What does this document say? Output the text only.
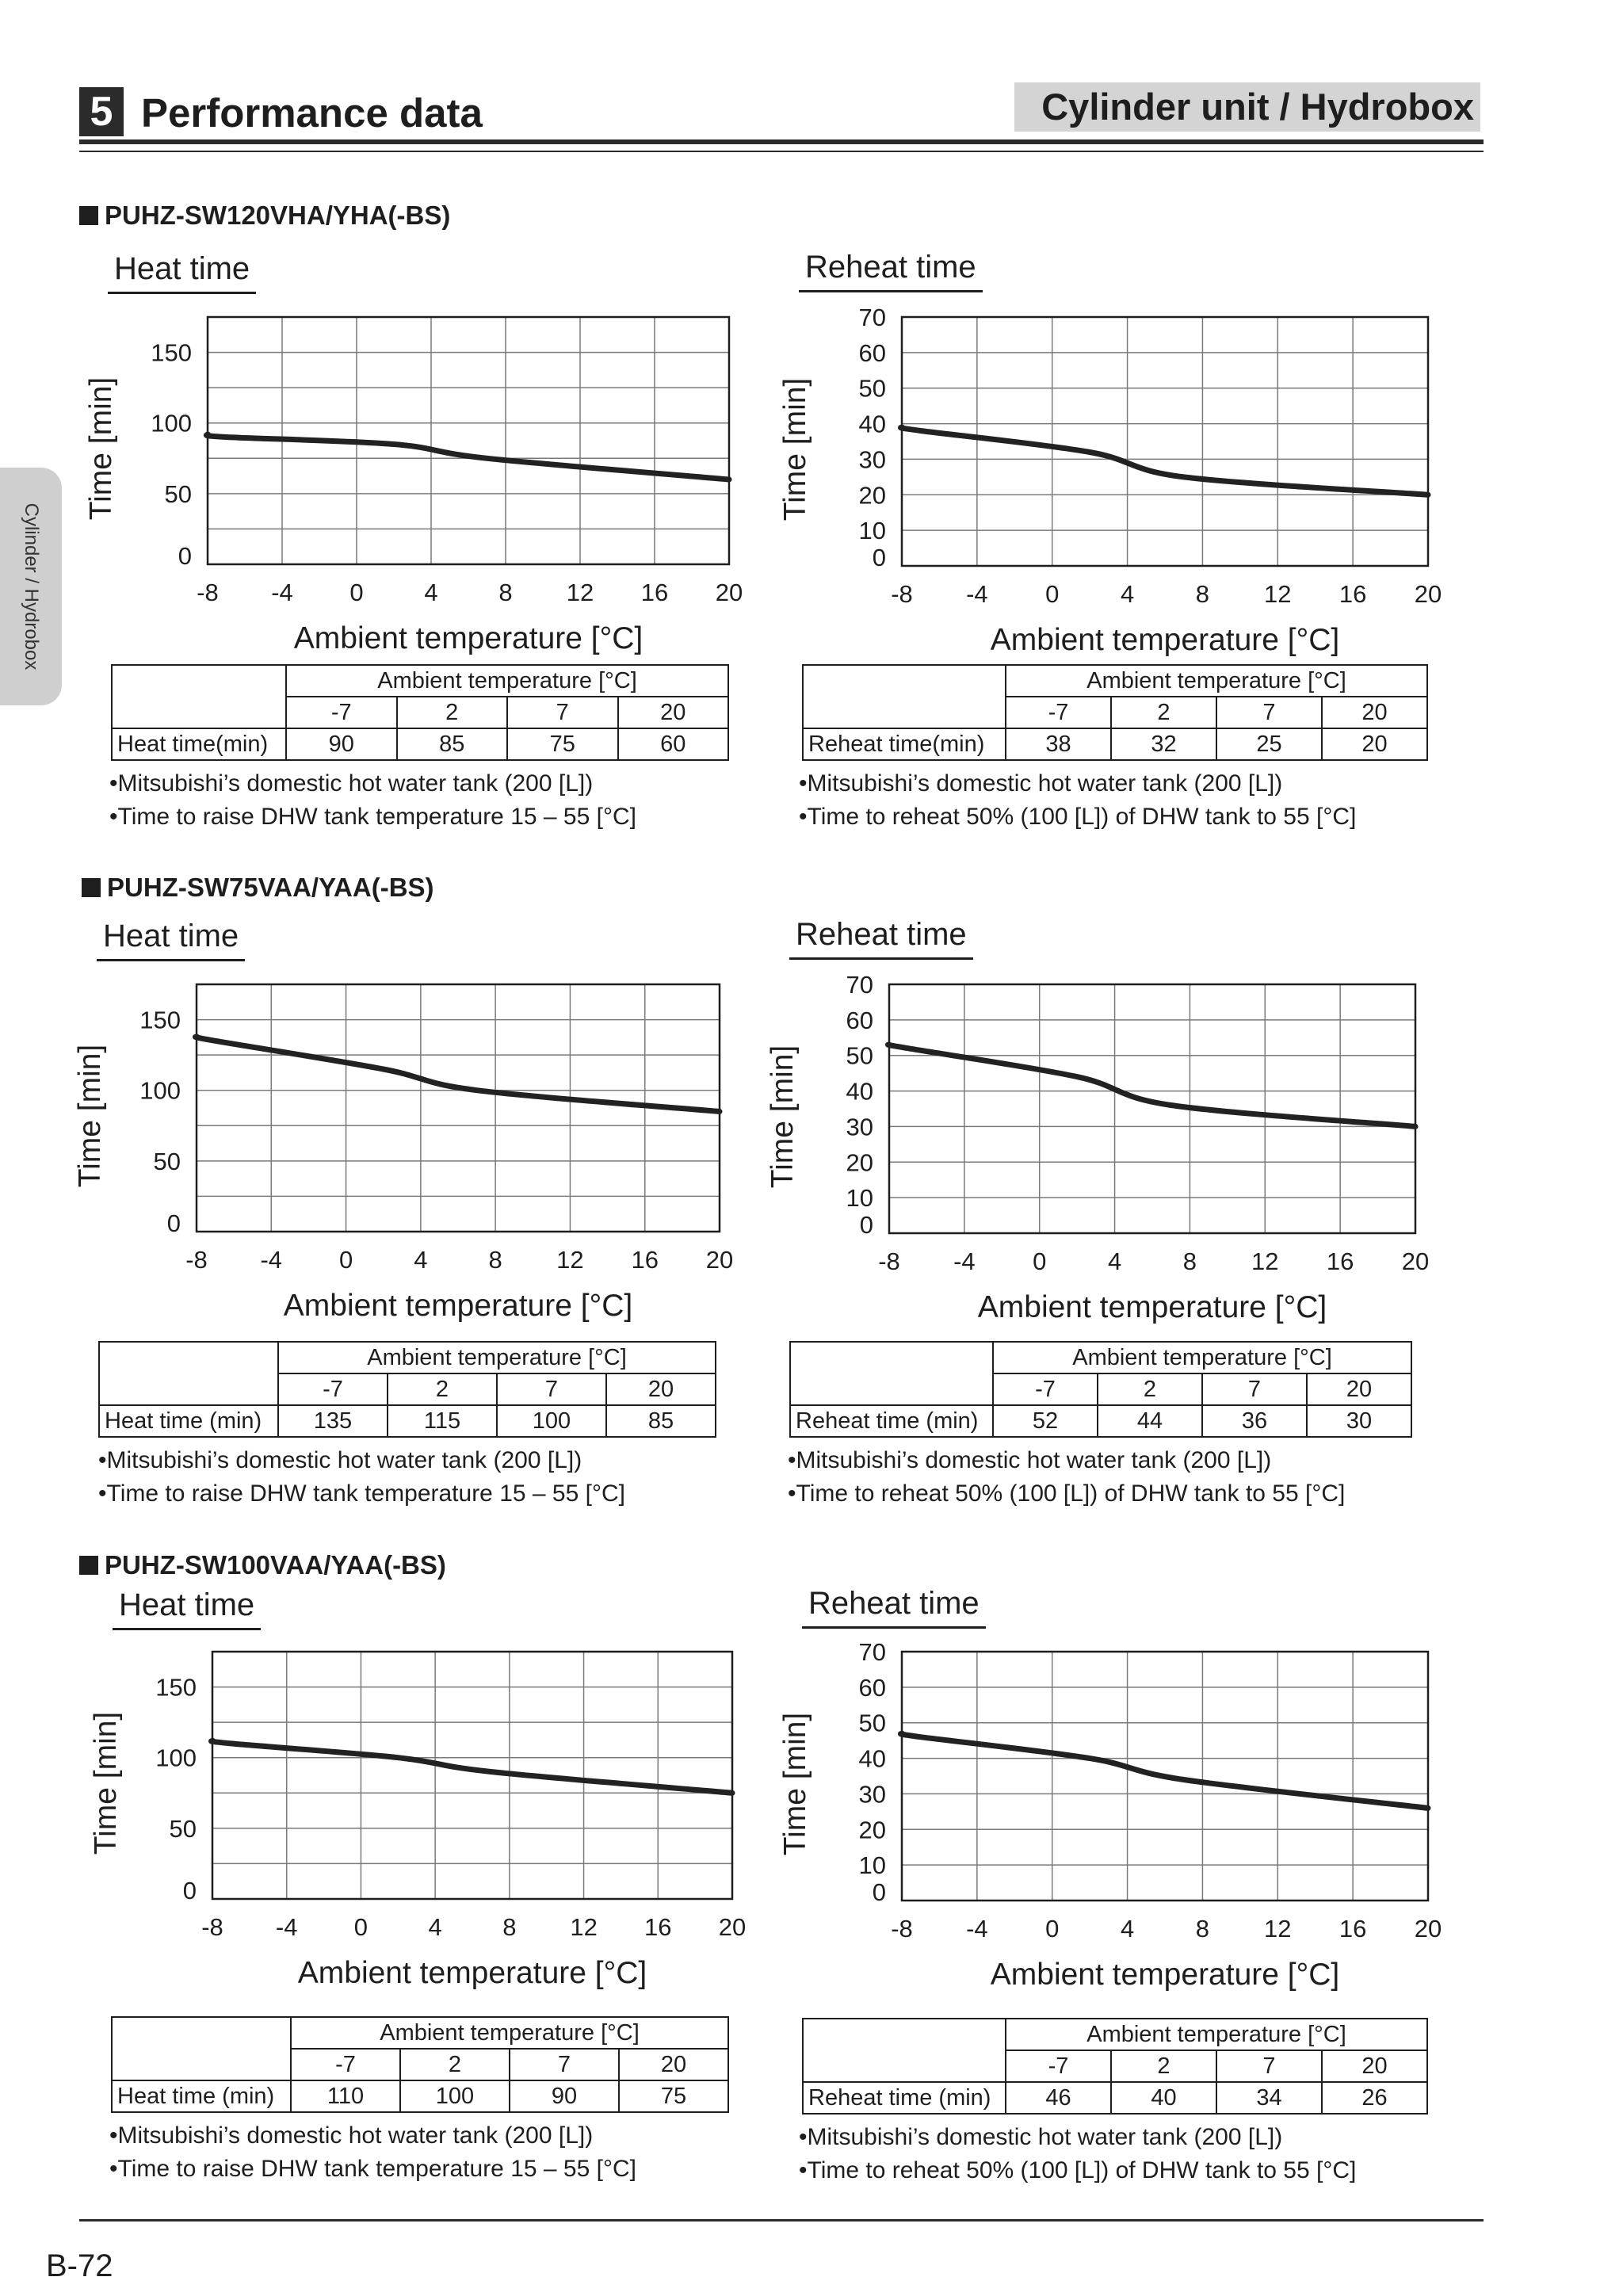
5 Performance data	Cylinder unit / Hydrobox
Cylinder / Hydrobox
PUHZ-SW120VHA/YHA(-BS)
PUHZ-SW75VAA/YAA(-BS)
PUHZ-SW100VAA/YAA(-BS)
Heat time	Reheat time
Heat time	Reheat time
Heat time	Reheat time
-8 -4 0 4 8 12 16 20
0
50
100
150
Ambient temperature [°C]
Time [min]
-8 -4 0	4	8 12 16 20
0
10
20
30
40
50
60
70
Ambient temperature [°C]
Time [min]
-8 -4 0 4 8 12 16 20
0
50
100
150
Ambient temperature [°C]
Time [min]
-8 -4 0	4	8 12 16 20
0
10
20
30
40
50
60
70
Ambient temperature [°C]
Time [min]
-8 -4 0 4 8 12 16 20
0
50
100
150
Ambient temperature [°C]
Time [min]
-8 -4 0	4	8 12 16 20
0
10
20
30
40
50
60
70
Ambient temperature [°C]
Time [min]
	Ambient temperature [°C]			
	-7	2	7	20
Heat time(min)	90	85	75	60
	Ambient temperature [°C]			
	-7	2	7	20
Reheat time(min)	38	32	25	20
	Ambient temperature [°C]			
	-7	2	7	20
Heat time (min)	135	115	100	85
	Ambient temperature [°C]			
	-7	2	7	20
Reheat time (min)	52	44	36	30
	Ambient temperature [°C]			
	-7	2	7	20
Heat time (min)	110	100	90	75
	Ambient temperature [°C]			
	-7	2	7	20
Reheat time (min)	46	40	34	26
•Mitsubishi’s domestic hot water tank (200 [L])
•Time to raise DHW tank temperature 15 – 55 [°C]
•Mitsubishi’s domestic hot water tank (200 [L])
•Time to reheat 50% (100 [L]) of DHW tank to 55 [°C]
•Mitsubishi’s domestic hot water tank (200 [L])
•Time to raise DHW tank temperature 15 – 55 [°C]
•Mitsubishi’s domestic hot water tank (200 [L])
•Time to reheat 50% (100 [L]) of DHW tank to 55 [°C]
•Mitsubishi’s domestic hot water tank (200 [L])
•Time to raise DHW tank temperature 15 – 55 [°C]
•Mitsubishi’s domestic hot water tank (200 [L])
•Time to reheat 50% (100 [L]) of DHW tank to 55 [°C]
B-72
